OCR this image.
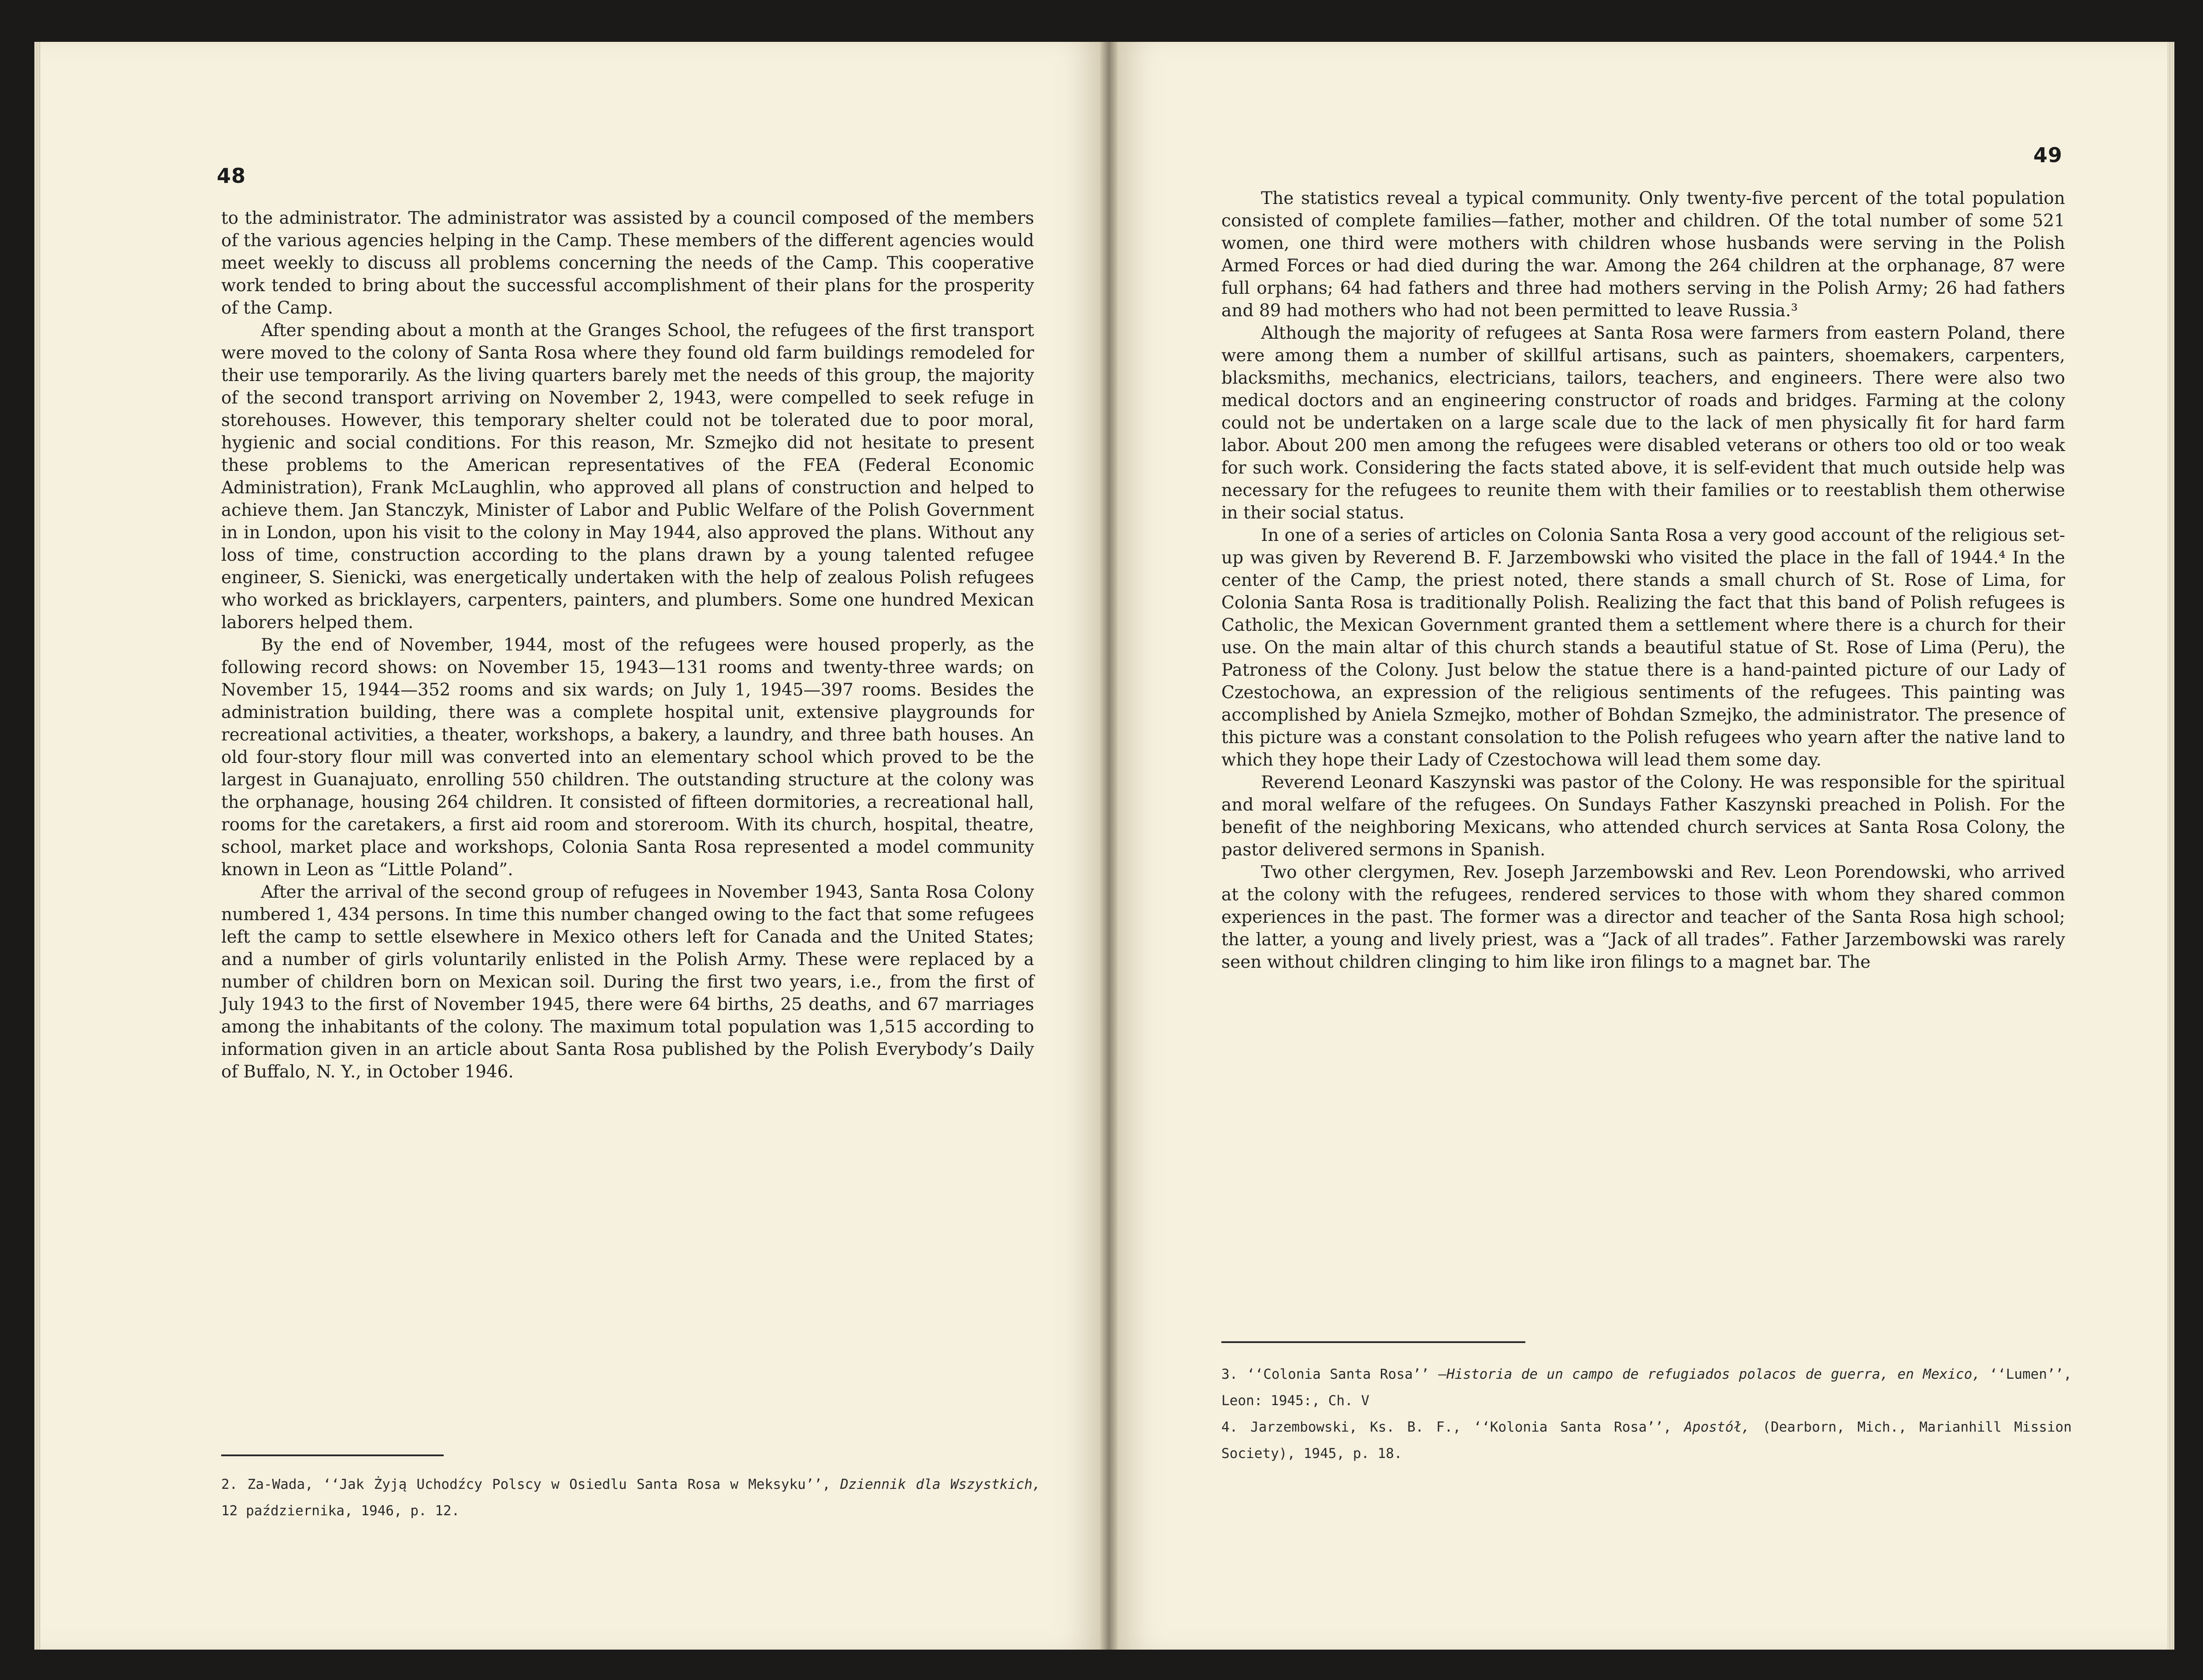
48

to the administrator. The administrator was assisted by a council composed of the members of the various agencies helping in the Camp. These members of the different agencies would meet weekly to discuss all problems concerning the needs of the Camp. This cooperative work tended to bring about the successful accomplishment of their plans for the prosperity of the Camp.

After spending about a month at the Granges School, the refugees of the first transport were moved to the colony of Santa Rosa where they found old farm buildings remodeled for their use temporarily. As the living quarters barely met the needs of this group, the majority of the second transport arriving on November 2, 1943, were compelled to seek refuge in storehouses. However, this temporary shelter could not be tolerated due to poor moral, hygienic and social conditions. For this reason, Mr. Szmejko did not hesitate to present these problems to the American representatives of the FEA (Federal Economic Administration), Frank McLaughlin, who approved all plans of construction and helped to achieve them. Jan Stanczyk, Minister of Labor and Public Welfare of the Polish Government in in London, upon his visit to the colony in May 1944, also approved the plans. Without any loss of time, construction according to the plans drawn by a young talented refugee engineer, S. Sienicki, was energetically undertaken with the help of zealous Polish refugees who worked as bricklayers, carpenters, painters, and plumbers. Some one hundred Mexican laborers helped them.

By the end of November, 1944, most of the refugees were housed properly, as the following record shows: on November 15, 1943—131 rooms and twenty-three wards; on November 15, 1944—352 rooms and six wards; on July 1, 1945—397 rooms. Besides the administration building, there was a complete hospital unit, extensive playgrounds for recreational activities, a theater, workshops, a bakery, a laundry, and three bath houses. An old four-story flour mill was converted into an elementary school which proved to be the largest in Guanajuato, enrolling 550 children. The outstanding structure at the colony was the orphanage, housing 264 children. It consisted of fifteen dormitories, a recreational hall, rooms for the caretakers, a first aid room and storeroom. With its church, hospital, theatre, school, market place and workshops, Colonia Santa Rosa represented a model community known in Leon as “Little Poland”.

After the arrival of the second group of refugees in November 1943, Santa Rosa Colony numbered 1, 434 persons. In time this number changed owing to the fact that some refugees left the camp to settle elsewhere in Mexico others left for Canada and the United States; and a number of girls voluntarily enlisted in the Polish Army. These were replaced by a number of children born on Mexican soil. During the first two years, i.e., from the first of July 1943 to the first of November 1945, there were 64 births, 25 deaths, and 67 marriages among the inhabitants of the colony. The maximum total population was 1,515 according to information given in an article about Santa Rosa published by the Polish Everybody’s Daily of Buffalo, N. Y., in October 1946.

2. Za-Wada, ‘‘Jak Żyją Uchodźcy Polscy w Osiedlu Santa Rosa w Meksyku’’, Dziennik dla Wszystkich, 12 października, 1946, p. 12.

49

The statistics reveal a typical community. Only twenty-five percent of the total population consisted of complete families—father, mother and children. Of the total number of some 521 women, one third were mothers with children whose husbands were serving in the Polish Armed Forces or had died during the war. Among the 264 children at the orphanage, 87 were full orphans; 64 had fathers and three had mothers serving in the Polish Army; 26 had fathers and 89 had mothers who had not been permitted to leave Russia.³

Although the majority of refugees at Santa Rosa were farmers from eastern Poland, there were among them a number of skillful artisans, such as painters, shoemakers, carpenters, blacksmiths, mechanics, electricians, tailors, teachers, and engineers. There were also two medical doctors and an engineering constructor of roads and bridges. Farming at the colony could not be undertaken on a large scale due to the lack of men physically fit for hard farm labor. About 200 men among the refugees were disabled veterans or others too old or too weak for such work. Considering the facts stated above, it is self-evident that much outside help was necessary for the refugees to reunite them with their families or to reestablish them otherwise in their social status.

In one of a series of articles on Colonia Santa Rosa a very good account of the religious set-up was given by Reverend B. F. Jarzembowski who visited the place in the fall of 1944.⁴ In the center of the Camp, the priest noted, there stands a small church of St. Rose of Lima, for Colonia Santa Rosa is traditionally Polish. Realizing the fact that this band of Polish refugees is Catholic, the Mexican Government granted them a settlement where there is a church for their use. On the main altar of this church stands a beautiful statue of St. Rose of Lima (Peru), the Patroness of the Colony. Just below the statue there is a hand-painted picture of our Lady of Czestochowa, an expression of the religious sentiments of the refugees. This painting was accomplished by Aniela Szmejko, mother of Bohdan Szmejko, the administrator. The presence of this picture was a constant consolation to the Polish refugees who yearn after the native land to which they hope their Lady of Czestochowa will lead them some day.

Reverend Leonard Kaszynski was pastor of the Colony. He was responsible for the spiritual and moral welfare of the refugees. On Sundays Father Kaszynski preached in Polish. For the benefit of the neighboring Mexicans, who attended church services at Santa Rosa Colony, the pastor delivered sermons in Spanish.

Two other clergymen, Rev. Joseph Jarzembowski and Rev. Leon Porendowski, who arrived at the colony with the refugees, rendered services to those with whom they shared common experiences in the past. The former was a director and teacher of the Santa Rosa high school; the latter, a young and lively priest, was a “Jack of all trades”. Father Jarzembowski was rarely seen without children clinging to him like iron filings to a magnet bar. The

3. ‘‘Colonia Santa Rosa’’ —Historia de un campo de refugiados polacos de guerra, en Mexico, ‘‘Lumen’’, Leon: 1945:, Ch. V

4. Jarzembowski, Ks. B. F., ‘‘Kolonia Santa Rosa’’, Apostół, (Dearborn, Mich., Marianhill Mission Society), 1945, p. 18.
